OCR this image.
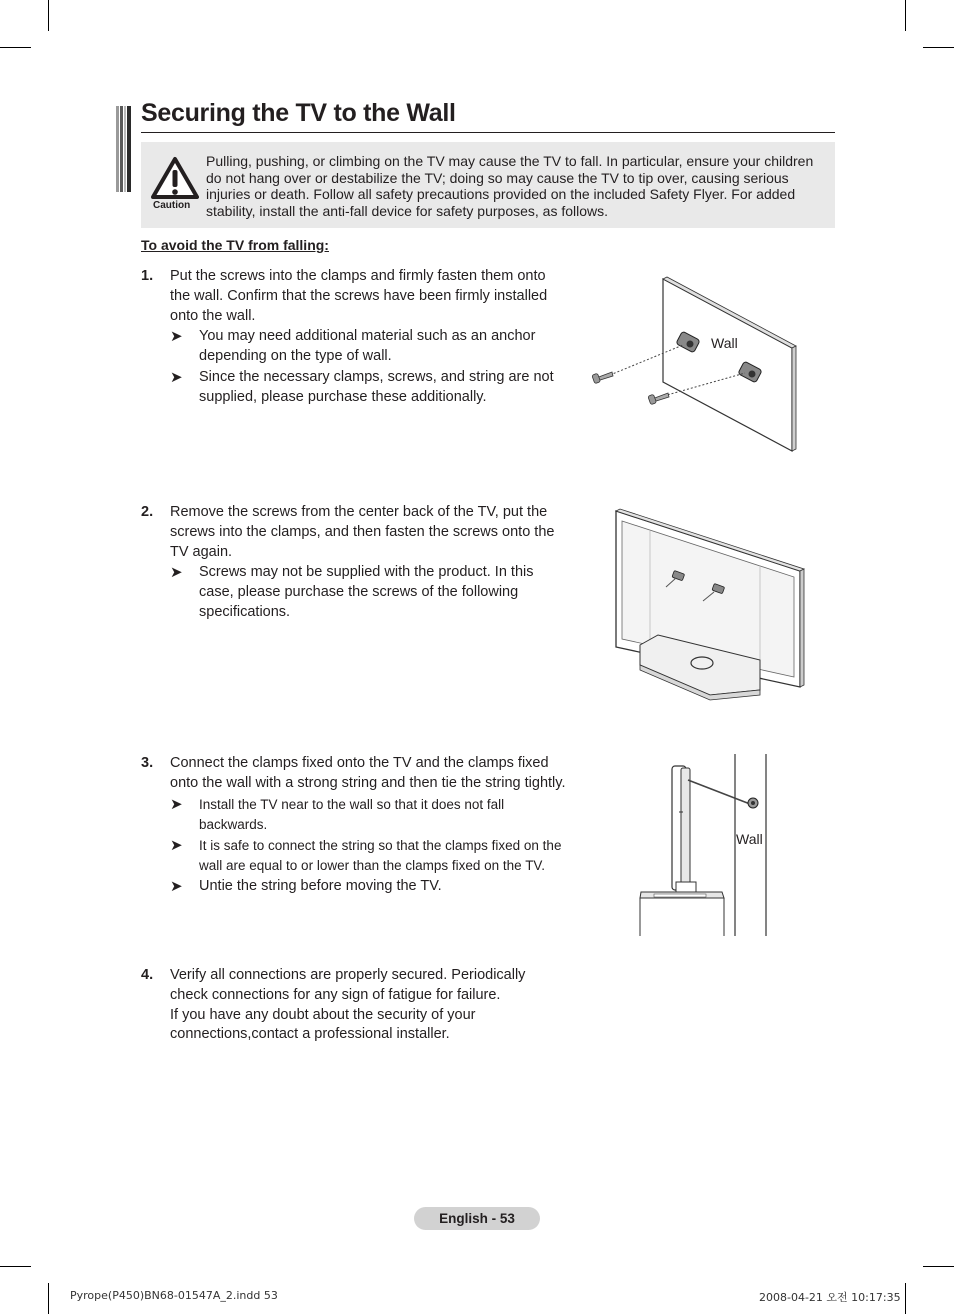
Securing the TV to the Wall
Caution
Pulling, pushing, or climbing on the TV may cause the TV to fall. In particular, ensure your children do not hang over or destabilize the TV; doing so may cause the TV to tip over, causing serious injuries or death. Follow all safety precautions provided on the included Safety Flyer. For added stability, install the anti-fall device for safety purposes, as follows.
To avoid the TV from falling:
1. Put the screws into the clamps and firmly fasten them onto the wall. Confirm that the screws have been firmly installed onto the wall.
➤ You may need additional material such as an anchor depending on the type of wall.
➤ Since the necessary clamps, screws, and string are not supplied, please purchase these additionally.
Wall
2. Remove the screws from the center back of the TV, put the screws into the clamps, and then fasten the screws onto the TV again.
➤ Screws may not be supplied with the product. In this case, please purchase the screws of the following specifications.
3. Connect the clamps fixed onto the TV and the clamps fixed onto the wall with a strong string and then tie the string tightly.
➤ Install the TV near to the wall so that it does not fall backwards.
➤ It is safe to connect the string so that the clamps fixed on the wall are equal to or lower than the clamps fixed on the TV.
➤ Untie the string before moving the TV.
Wall
4. Verify all connections are properly secured. Periodically check connections for any sign of fatigue for failure.
If you have any doubt about the security of your connections,contact a professional installer.
English - 53
Pyrope(P450)BN68-01547A_2.indd 53	2008-04-21 오전 10:17:35
